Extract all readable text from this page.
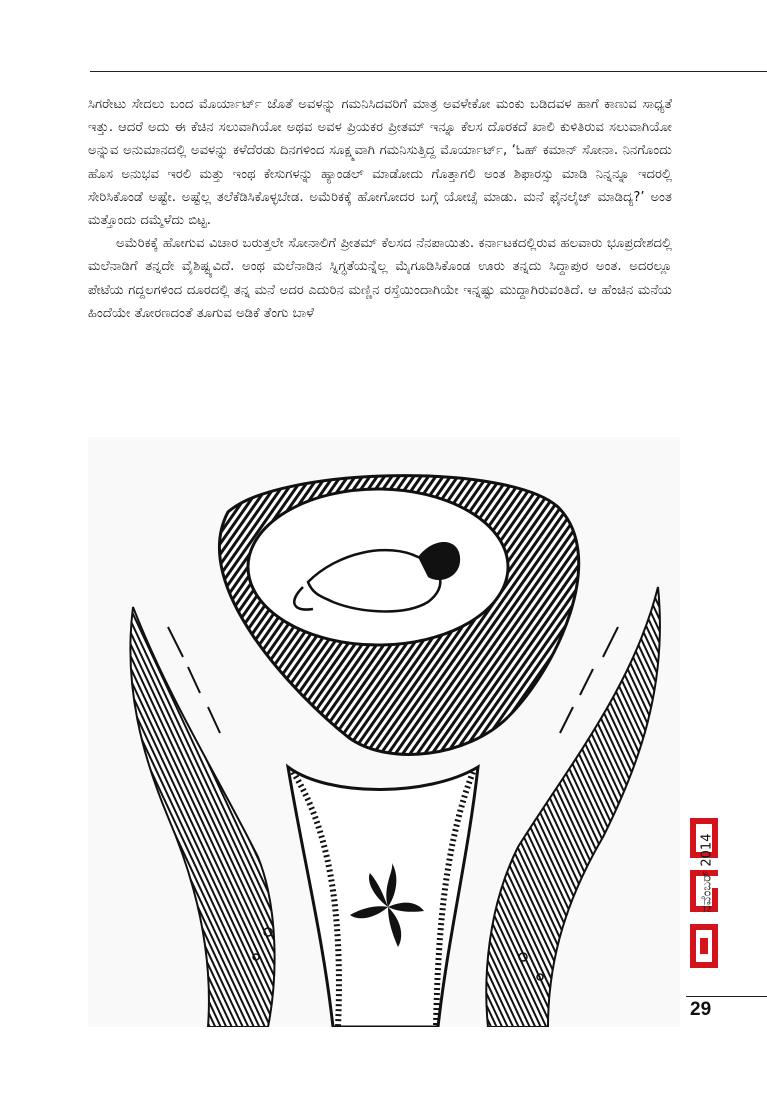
ಸಿಗರೇಟು ಸೇದಲು ಬಂದ ಮೊರ್ಯಾರ್ಟ್ ಜೊತೆ ಅವಳನ್ನು ಗಮನಿಸಿದವರಿಗೆ ಮಾತ್ರ ಅವಳೇಕೋ ಮಂಕು ಬಡಿದವಳ ಹಾಗೆ ಕಾಣುವ ಸಾಧ್ಯತೆ ಇತ್ತು. ಆದರೆ ಅದು ಈ ಕೆಚಿನ ಸಲುವಾಗಿಯೋ ಅಥವ ಅವಳ ಪ್ರಿಯಕರ ಪ್ರೀತಮ್ ಇನ್ನೂ ಕೆಲಸ ದೊರಕದೆ ಖಾಲಿ ಕುಳಿತಿರುವ ಸಲುವಾಗಿಯೋ ಅನ್ನುವ ಅನುಮಾನದಲ್ಲಿ ಅವಳನ್ನು ಕಳೆದೆರಡು ದಿನಗಳಿಂದ ಸೂಕ್ಷ್ಮವಾಗಿ ಗಮನಿಸುತ್ತಿದ್ದ ಮೊರ್ಯಾರ್ಟ್, ‘ಓಹ್ ಕಮಾನ್ ಸೋನಾ. ನಿನಗೊಂದು ಹೊಸ ಅನುಭವ ಇರಲಿ ಮತ್ತು ಇಂಥ ಕೇಸುಗಳನ್ನು ಹ್ಯಾಂಡಲ್ ಮಾಡೋದು ಗೊತ್ತಾಗಲಿ ಅಂತ ಶಿಫಾರಸ್ಸು ಮಾಡಿ ನಿನ್ನನ್ನೂ ಇದರಲ್ಲಿ ಸೇರಿಸಿಕೊಂಡೆ ಅಷ್ಟೇ. ಅಷ್ಟೆಲ್ಲ ತಲೆಕೆಡಿಸಿಕೊಳ್ಳಬೇಡ. ಅಮೆರಿಕಕ್ಕೆ ಹೋಗೋದರ ಬಗ್ಗೆ ಯೋಚ್ಸೆ ಮಾಡು. ಮನೆ ಫೈನಲೈಜ್ ಮಾಡಿದ್ಯ?’ ಅಂತ ಮತ್ತೊಂದು ದಮ್ಮೆಳೆದು ಬಿಟ್ಟ.

ಅಮೆರಿಕಕ್ಕೆ ಹೋಗುವ ವಿಚಾರ ಬರುತ್ತಲೇ ಸೋನಾಲಿಗೆ ಪ್ರೀತಮ್ ಕೆಲಸದ ನೆನಪಾಯಿತು. ಕರ್ನಾಟಕದಲ್ಲಿರುವ ಹಲವಾರು ಭೂಪ್ರದೇಶದಲ್ಲಿ ಮಲೆನಾಡಿಗೆ ತನ್ನದೇ ವೈಶಿಷ್ಟ್ಯವಿದೆ. ಅಂಥ ಮಲೆನಾಡಿನ ಸ್ನಿಗ್ಧತೆಯನ್ನೆಲ್ಲ ಮೈಗೂಡಿಸಿಕೊಂಡ ಊರು ತನ್ನದು ಸಿದ್ದಾಪುರ ಅಂತ. ಅದರಲ್ಲೂ ಪೇಟೆಯ ಗದ್ದಲಗಳಿಂದ ದೂರದಲ್ಲಿ ತನ್ನ ಮನೆ ಅದರ ಎದುರಿನ ಮಣ್ಣಿನ ರಸ್ತೆಯಿಂದಾಗಿಯೇ ಇನ್ನಷ್ಟು ಮುದ್ದಾಗಿರುವಂತಿದೆ. ಆ ಹೆಂಚಿನ ಮನೆಯ ಹಿಂದೆಯೇ ತೋರಣದಂತೆ ತೂಗುವ ಅಡಿಕೆ ತೆಂಗು ಬಾಳೆ

ನವೆಂಬರ್ 2014
29
